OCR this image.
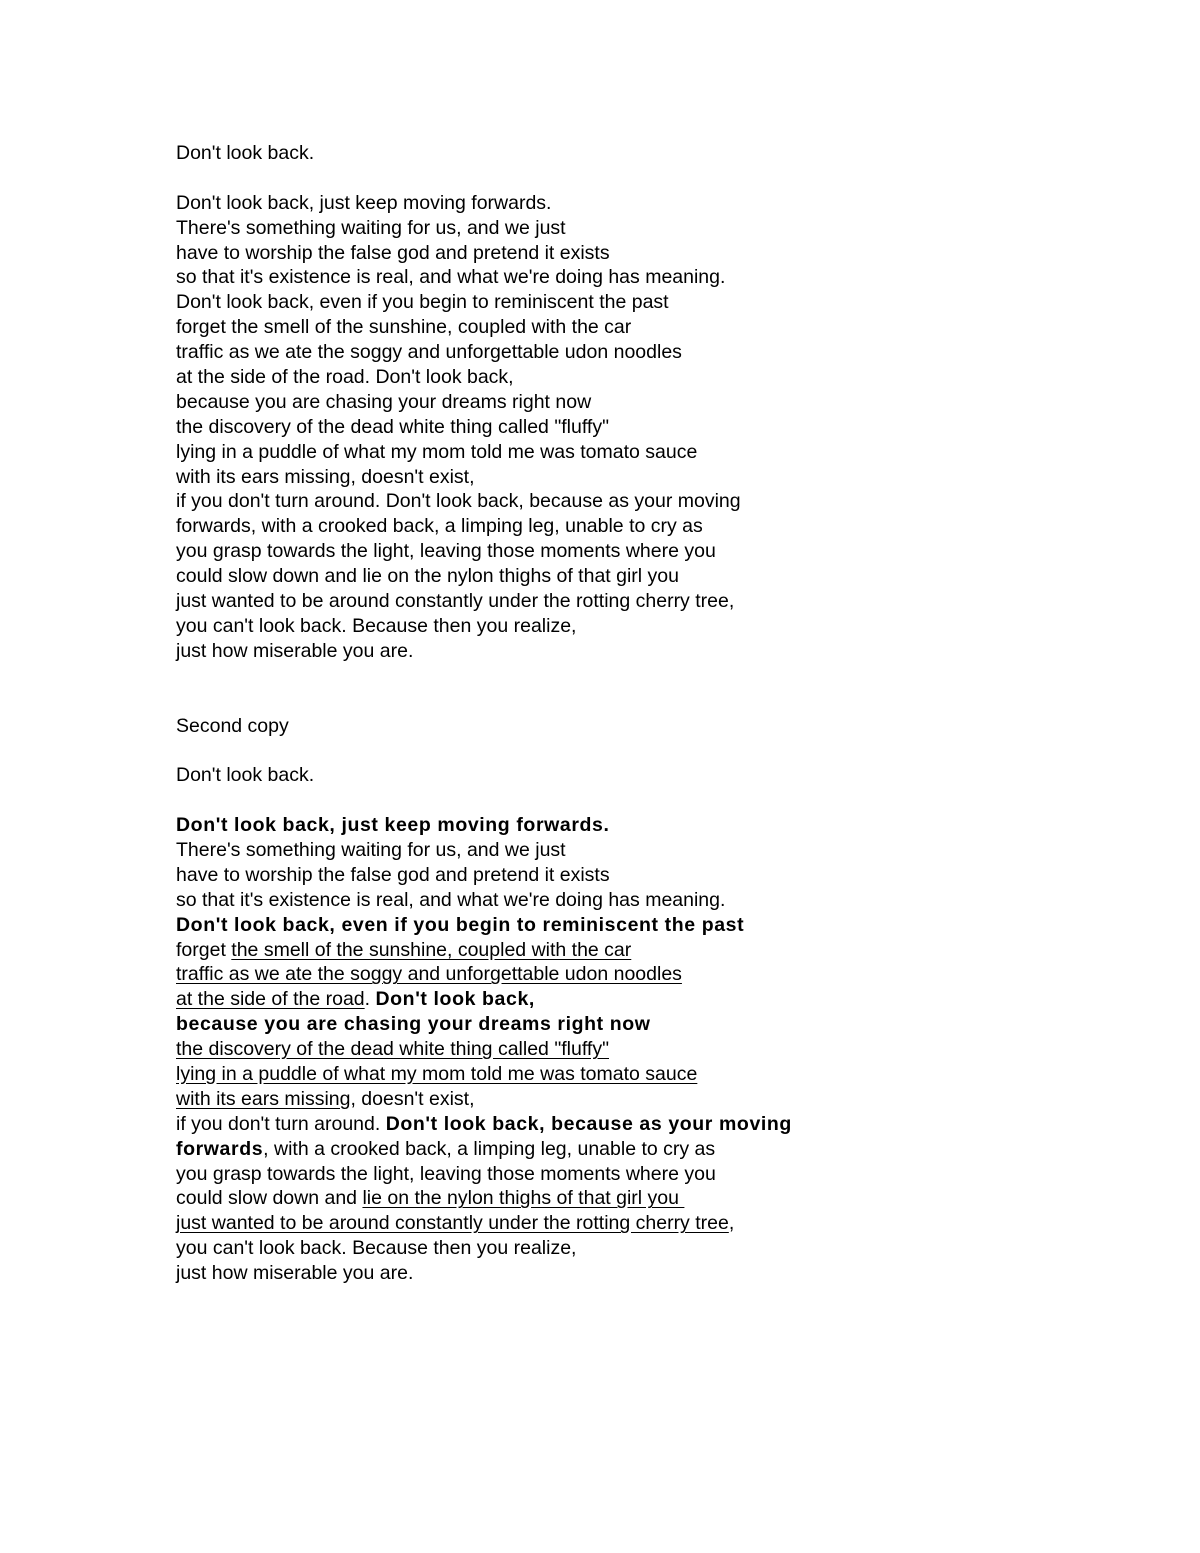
Don't look back.
Don't look back, just keep moving forwards.
There's something waiting for us, and we just
have to worship the false god and pretend it exists
so that it's existence is real, and what we're doing has meaning.
Don't look back, even if you begin to reminiscent the past
forget the smell of the sunshine, coupled with the car
traffic as we ate the soggy and unforgettable udon noodles
at the side of the road. Don't look back,
because you are chasing your dreams right now
the discovery of the dead white thing called "fluffy"
lying in a puddle of what my mom told me was tomato sauce
with its ears missing, doesn't exist,
if you don't turn around. Don't look back, because as your moving
forwards, with a crooked back, a limping leg, unable to cry as
you grasp towards the light, leaving those moments where you
could slow down and lie on the nylon thighs of that girl you
just wanted to be around constantly under the rotting cherry tree,
you can't look back. Because then you realize,
just how miserable you are.
Second copy
Don't look back.
Don't look back, just keep moving forwards.
There's something waiting for us, and we just
have to worship the false god and pretend it exists
so that it's existence is real, and what we're doing has meaning.
Don't look back, even if you begin to reminiscent the past
forget the smell of the sunshine, coupled with the car
traffic as we ate the soggy and unforgettable udon noodles
at the side of the road. Don't look back,
because you are chasing your dreams right now
the discovery of the dead white thing called "fluffy"
lying in a puddle of what my mom told me was tomato sauce
with its ears missing, doesn't exist,
if you don't turn around. Don't look back, because as your moving
forwards, with a crooked back, a limping leg, unable to cry as
you grasp towards the light, leaving those moments where you
could slow down and lie on the nylon thighs of that girl you
just wanted to be around constantly under the rotting cherry tree,
you can't look back. Because then you realize,
just how miserable you are.
